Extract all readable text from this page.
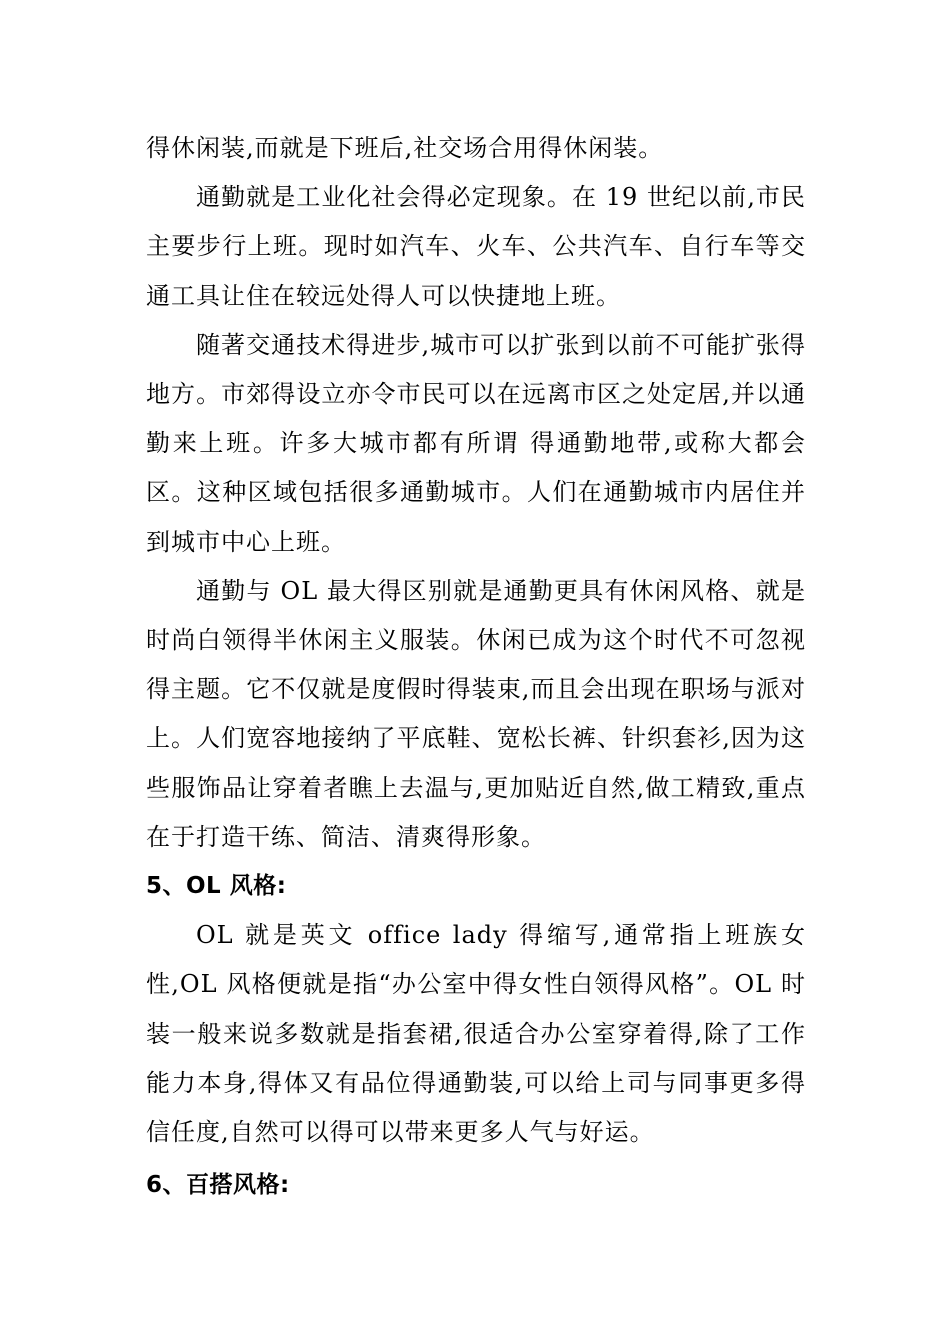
得休闲装,而就是下班后,社交场合用得休闲装。

通勤就是工业化社会得必定现象。在 19 世纪以前,市民主要步行上班。现时如汽车、火车、公共汽车、自行车等交通工具让住在较远处得人可以快捷地上班。

随著交通技术得进步,城市可以扩张到以前不可能扩张得地方。市郊得设立亦令市民可以在远离市区之处定居,并以通勤来上班。许多大城市都有所谓 得通勤地带,或称大都会区。这种区域包括很多通勤城市。人们在通勤城市内居住并到城市中心上班。

通勤与 OL 最大得区别就是通勤更具有休闲风格、就是时尚白领得半休闲主义服装。休闲已成为这个时代不可忽视得主题。它不仅就是度假时得装束,而且会出现在职场与派对上。人们宽容地接纳了平底鞋、宽松长裤、针织套衫,因为这些服饰品让穿着者瞧上去温与,更加贴近自然,做工精致,重点在于打造干练、简洁、清爽得形象。

5、OL 风格:

OL 就是英文 office lady 得缩写,通常指上班族女性,OL 风格便就是指“办公室中得女性白领得风格”。OL 时装一般来说多数就是指套裙,很适合办公室穿着得,除了工作能力本身,得体又有品位得通勤装,可以给上司与同事更多得信任度,自然可以得可以带来更多人气与好运。

6、百搭风格:
